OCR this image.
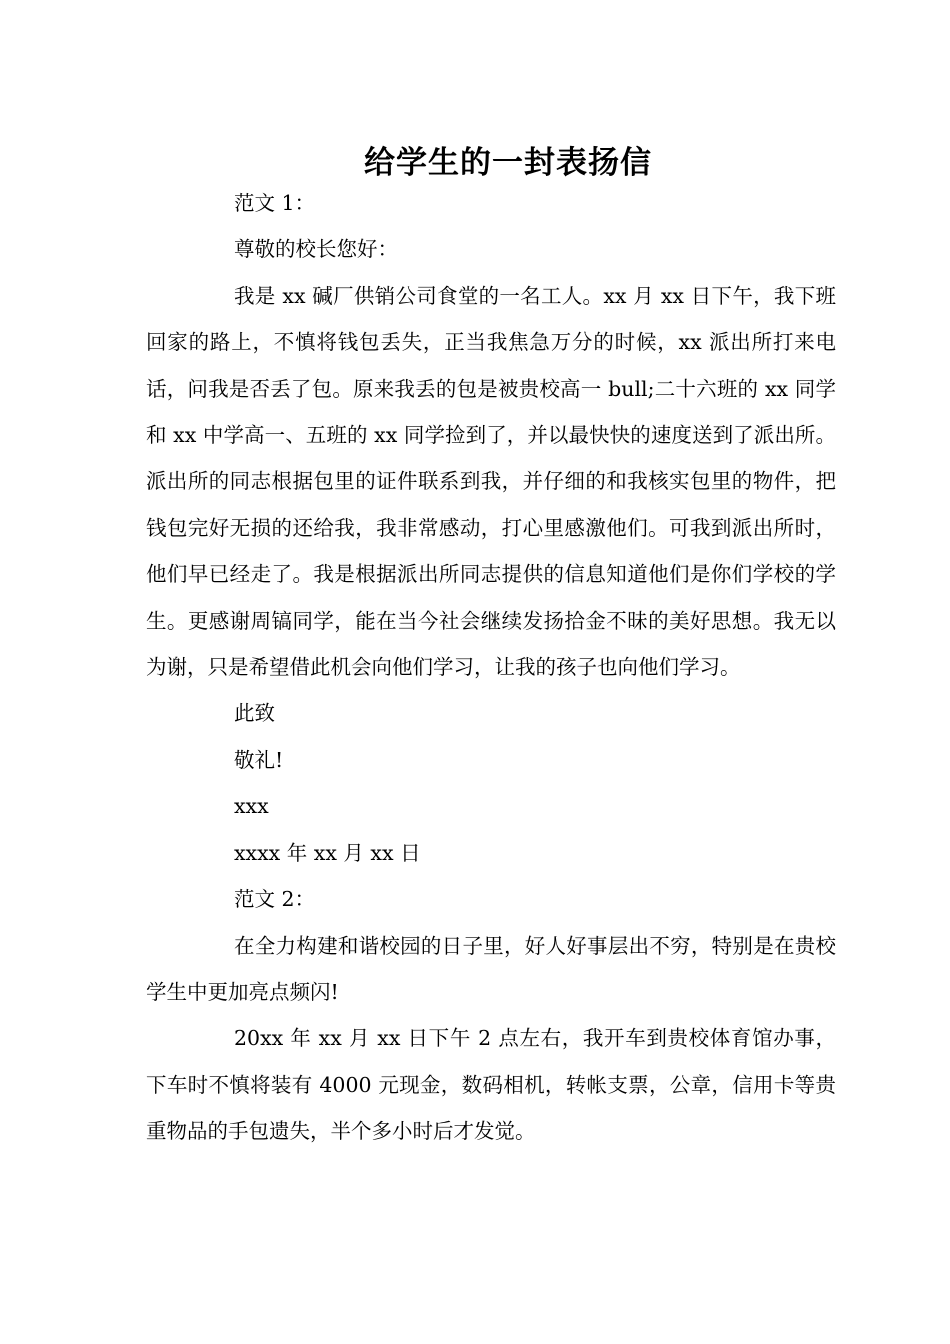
给学生的一封表扬信

范文 1：

尊敬的校长您好：

我是 xx 碱厂供销公司食堂的一名工人。xx 月 xx 日下午，我下班回家的路上，不慎将钱包丢失，正当我焦急万分的时候，xx 派出所打来电话，问我是否丢了包。原来我丢的包是被贵校高一 bull;二十六班的 xx 同学和 xx 中学高一、五班的 xx 同学捡到了，并以最快快的速度送到了派出所。派出所的同志根据包里的证件联系到我，并仔细的和我核实包里的物件，把钱包完好无损的还给我，我非常感动，打心里感激他们。可我到派出所时，他们早已经走了。我是根据派出所同志提供的信息知道他们是你们学校的学生。更感谢周镐同学，能在当今社会继续发扬拾金不昧的美好思想。我无以为谢，只是希望借此机会向他们学习，让我的孩子也向他们学习。

此致

敬礼!

xxx

xxxx 年 xx 月 xx 日

范文 2：

在全力构建和谐校园的日子里，好人好事层出不穷，特别是在贵校学生中更加亮点频闪!

20xx 年 xx 月 xx 日下午 2 点左右，我开车到贵校体育馆办事，下车时不慎将装有 4000 元现金，数码相机，转帐支票，公章，信用卡等贵重物品的手包遗失，半个多小时后才发觉。
